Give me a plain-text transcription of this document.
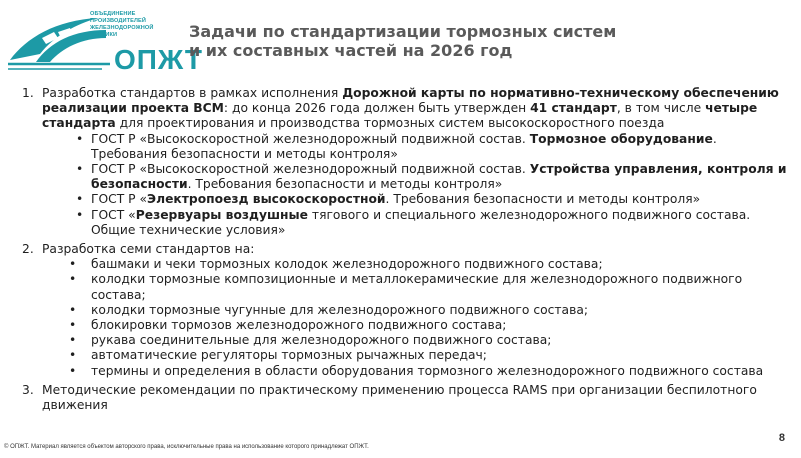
ОБЪЕДИНЕНИЕ
ПРОИЗВОДИТЕЛЕЙ
ЖЕЛЕЗНОДОРОЖНОЙ
ТЕХНИКИ
ОПЖТ
Задачи по стандартизации тормозных систем
и их составных частей на 2026 год
1. Разработка стандартов в рамках исполнения Дорожной карты по нормативно-техническому обеспечению реализации проекта ВСМ: до конца 2026 года должен быть утвержден 41 стандарт, в том числе четыре стандарта для проектирования и производства тормозных систем высокоскоростного поезда
• ГОСТ Р «Высокоскоростной железнодорожный подвижной состав. Тормозное оборудование. Требования безопасности и методы контроля»
• ГОСТ Р «Высокоскоростной железнодорожный подвижной состав. Устройства управления, контроля и безопасности. Требования безопасности и методы контроля»
• ГОСТ Р «Электропоезд высокоскоростной. Требования безопасности и методы контроля»
• ГОСТ «Резервуары воздушные тягового и специального железнодорожного подвижного состава. Общие технические условия»
2. Разработка семи стандартов на:
• башмаки и чеки тормозных колодок железнодорожного подвижного состава;
• колодки тормозные композиционные и металлокерамические для железнодорожного подвижного состава;
• колодки тормозные чугунные для железнодорожного подвижного состава;
• блокировки тормозов железнодорожного подвижного состава;
• рукава соединительные для железнодорожного подвижного состава;
• автоматические регуляторы тормозных рычажных передач;
• термины и определения в области оборудования тормозного железнодорожного подвижного состава
3. Методические рекомендации по практическому применению процесса RAMS при организации беспилотного движения
© ОПЖТ. Материал является объектом авторского права, исключительные права на использование которого принадлежат ОПЖТ.
8
